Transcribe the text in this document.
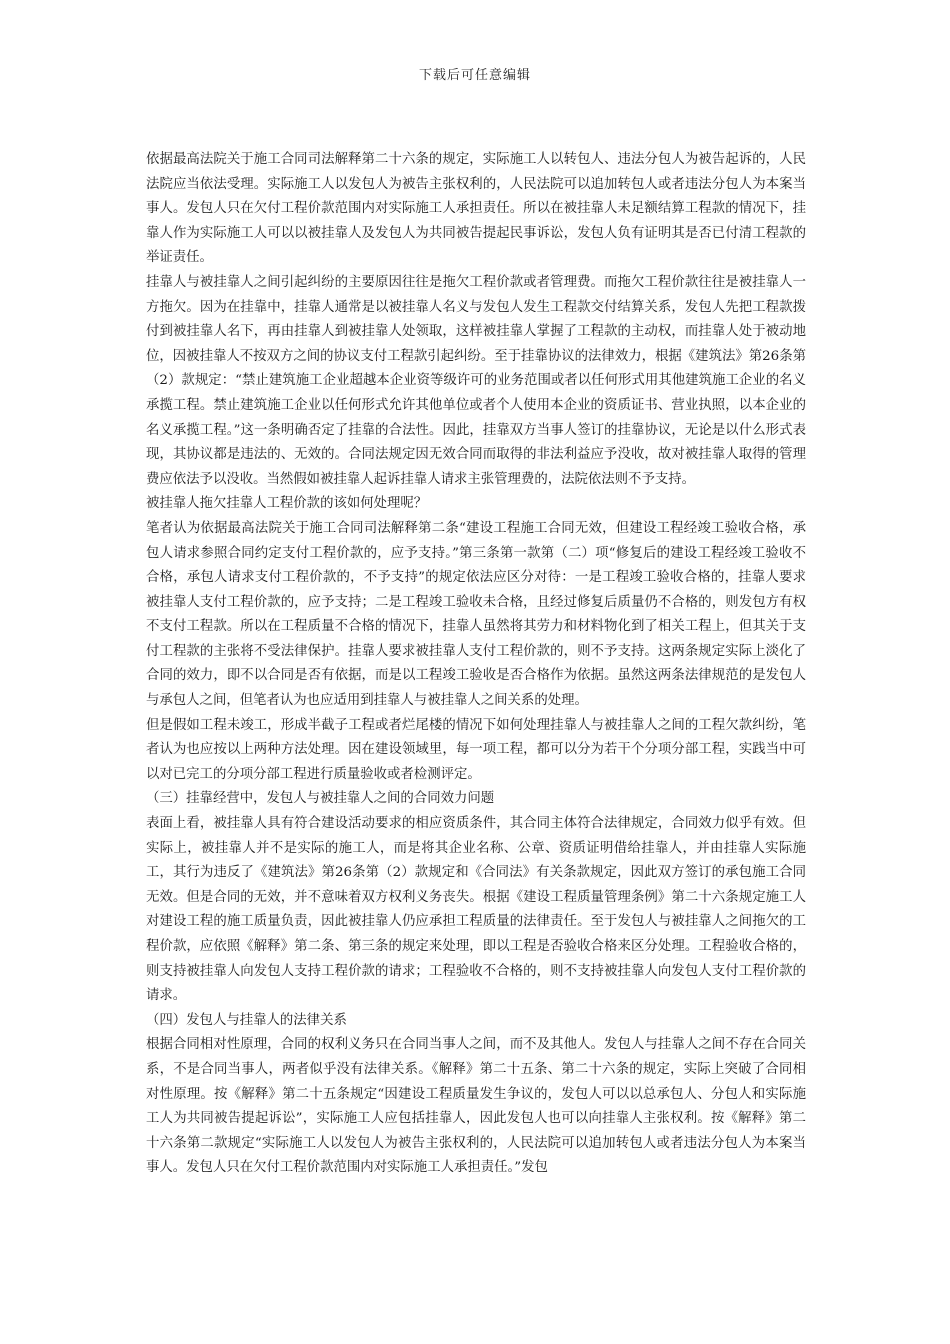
下载后可任意编辑

依据最高法院关于施工合同司法解释第二十六条的规定，实际施工人以转包人、违法分包人为被告起诉的，人民法院应当依法受理。实际施工人以发包人为被告主张权利的，人民法院可以追加转包人或者违法分包人为本案当事人。发包人只在欠付工程价款范围内对实际施工人承担责任。所以在被挂靠人未足额结算工程款的情况下，挂靠人作为实际施工人可以以被挂靠人及发包人为共同被告提起民事诉讼，发包人负有证明其是否已付清工程款的举证责任。

挂靠人与被挂靠人之间引起纠纷的主要原因往往是拖欠工程价款或者管理费。而拖欠工程价款往往是被挂靠人一方拖欠。因为在挂靠中，挂靠人通常是以被挂靠人名义与发包人发生工程款交付结算关系，发包人先把工程款拨付到被挂靠人名下，再由挂靠人到被挂靠人处领取，这样被挂靠人掌握了工程款的主动权，而挂靠人处于被动地位，因被挂靠人不按双方之间的协议支付工程款引起纠纷。至于挂靠协议的法律效力，根据《建筑法》第26条第（2）款规定：“禁止建筑施工企业超越本企业资等级许可的业务范围或者以任何形式用其他建筑施工企业的名义承揽工程。禁止建筑施工企业以任何形式允许其他单位或者个人使用本企业的资质证书、营业执照，以本企业的名义承揽工程。”这一条明确否定了挂靠的合法性。因此，挂靠双方当事人签订的挂靠协议，无论是以什么形式表现，其协议都是违法的、无效的。合同法规定因无效合同而取得的非法利益应予没收，故对被挂靠人取得的管理费应依法予以没收。当然假如被挂靠人起诉挂靠人请求主张管理费的，法院依法则不予支持。

被挂靠人拖欠挂靠人工程价款的该如何处理呢？

笔者认为依据最高法院关于施工合同司法解释第二条“建设工程施工合同无效，但建设工程经竣工验收合格，承包人请求参照合同约定支付工程价款的，应予支持。”第三条第一款第（二）项“修复后的建设工程经竣工验收不合格，承包人请求支付工程价款的，不予支持”的规定依法应区分对待：一是工程竣工验收合格的，挂靠人要求被挂靠人支付工程价款的，应予支持；二是工程竣工验收未合格，且经过修复后质量仍不合格的，则发包方有权不支付工程款。所以在工程质量不合格的情况下，挂靠人虽然将其劳力和材料物化到了相关工程上，但其关于支付工程款的主张将不受法律保护。挂靠人要求被挂靠人支付工程价款的，则不予支持。这两条规定实际上淡化了合同的效力，即不以合同是否有依据，而是以工程竣工验收是否合格作为依据。虽然这两条法律规范的是发包人与承包人之间，但笔者认为也应适用到挂靠人与被挂靠人之间关系的处理。

但是假如工程未竣工，形成半截子工程或者烂尾楼的情况下如何处理挂靠人与被挂靠人之间的工程欠款纠纷，笔者认为也应按以上两种方法处理。因在建设领域里，每一项工程，都可以分为若干个分项分部工程，实践当中可以对已完工的分项分部工程进行质量验收或者检测评定。

（三）挂靠经营中，发包人与被挂靠人之间的合同效力问题

表面上看，被挂靠人具有符合建设活动要求的相应资质条件，其合同主体符合法律规定，合同效力似乎有效。但实际上，被挂靠人并不是实际的施工人，而是将其企业名称、公章、资质证明借给挂靠人，并由挂靠人实际施工，其行为违反了《建筑法》第26条第（2）款规定和《合同法》有关条款规定，因此双方签订的承包施工合同无效。但是合同的无效，并不意味着双方权利义务丧失。根据《建设工程质量管理条例》第二十六条规定施工人对建设工程的施工质量负责，因此被挂靠人仍应承担工程质量的法律责任。至于发包人与被挂靠人之间拖欠的工程价款，应依照《解释》第二条、第三条的规定来处理，即以工程是否验收合格来区分处理。工程验收合格的，则支持被挂靠人向发包人支持工程价款的请求；工程验收不合格的，则不支持被挂靠人向发包人支付工程价款的请求。

（四）发包人与挂靠人的法律关系

根据合同相对性原理，合同的权利义务只在合同当事人之间，而不及其他人。发包人与挂靠人之间不存在合同关系，不是合同当事人，两者似乎没有法律关系。《解释》第二十五条、第二十六条的规定，实际上突破了合同相对性原理。按《解释》第二十五条规定“因建设工程质量发生争议的，发包人可以以总承包人、分包人和实际施工人为共同被告提起诉讼”，实际施工人应包括挂靠人，因此发包人也可以向挂靠人主张权利。按《解释》第二十六条第二款规定“实际施工人以发包人为被告主张权利的，人民法院可以追加转包人或者违法分包人为本案当事人。发包人只在欠付工程价款范围内对实际施工人承担责任。”发包
